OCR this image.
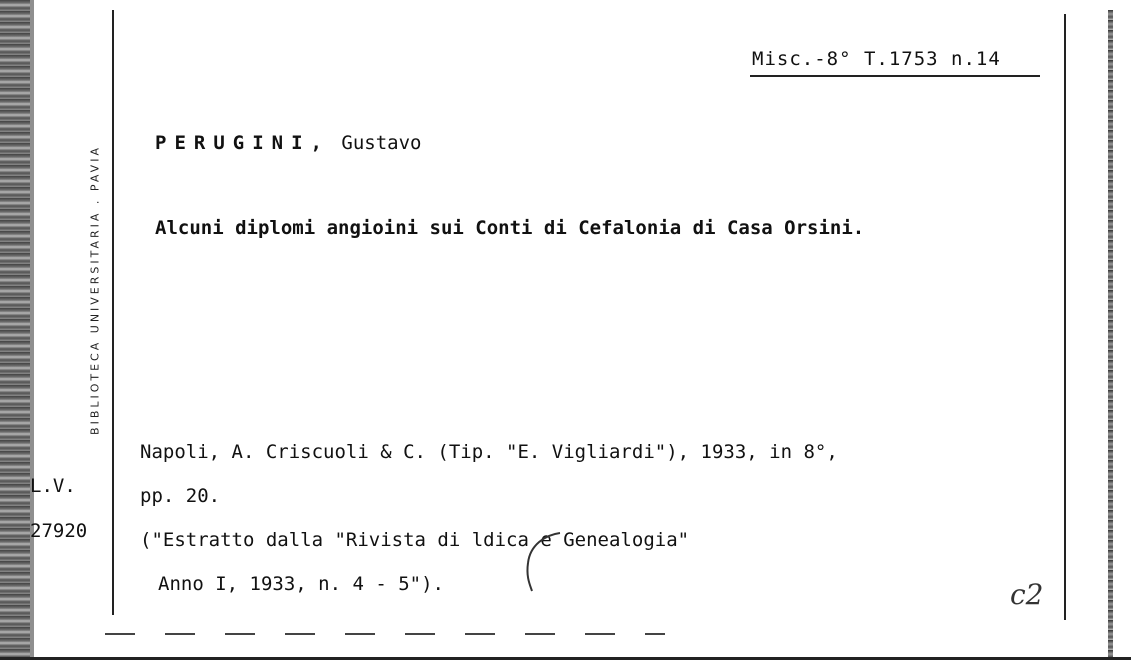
BIBLIOTECA UNIVERSITARIA . PAVIA
Misc.-8° T.1753 n.14
PERUGINI, Gustavo
Alcuni diplomi angioini sui Conti di Cefalonia di Casa Orsini.
Napoli, A. Criscuoli & C. (Tip. "E. Vigliardi"), 1933, in 8°,
pp. 20.
("Estratto dalla "Rivista di ldica e Genealogia"
Anno I, 1933, n. 4 - 5").
L.V.
27920
c2
